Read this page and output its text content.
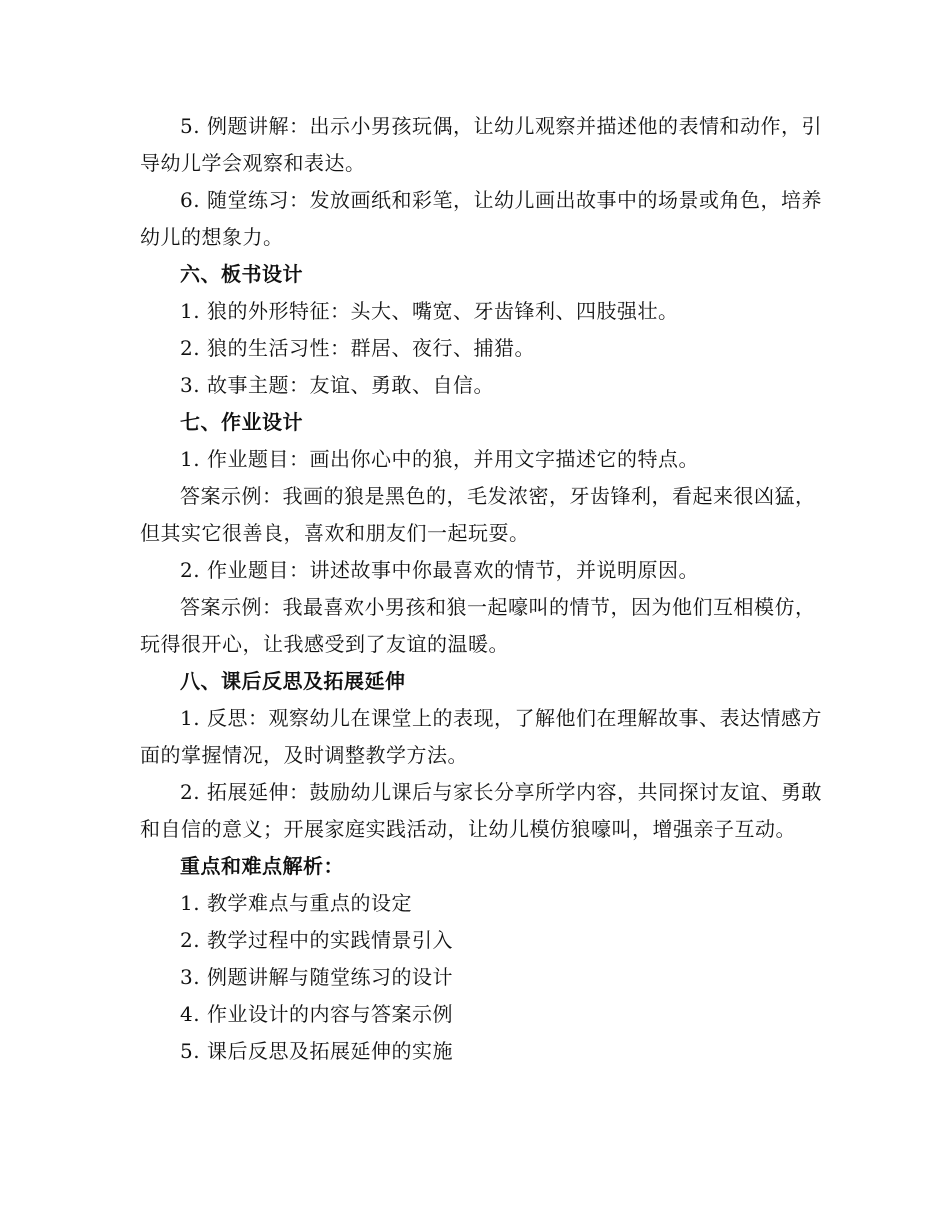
5. 例题讲解：出示小男孩玩偶，让幼儿观察并描述他的表情和动作，引导幼儿学会观察和表达。

6. 随堂练习：发放画纸和彩笔，让幼儿画出故事中的场景或角色，培养幼儿的想象力。

六、板书设计

1. 狼的外形特征：头大、嘴宽、牙齿锋利、四肢强壮。

2. 狼的生活习性：群居、夜行、捕猎。

3. 故事主题：友谊、勇敢、自信。

七、作业设计

1. 作业题目：画出你心中的狼，并用文字描述它的特点。

答案示例：我画的狼是黑色的，毛发浓密，牙齿锋利，看起来很凶猛，但其实它很善良，喜欢和朋友们一起玩耍。

2. 作业题目：讲述故事中你最喜欢的情节，并说明原因。

答案示例：我最喜欢小男孩和狼一起嚎叫的情节，因为他们互相模仿，玩得很开心，让我感受到了友谊的温暖。

八、课后反思及拓展延伸

1. 反思：观察幼儿在课堂上的表现，了解他们在理解故事、表达情感方面的掌握情况，及时调整教学方法。

2. 拓展延伸：鼓励幼儿课后与家长分享所学内容，共同探讨友谊、勇敢和自信的意义；开展家庭实践活动，让幼儿模仿狼嚎叫，增强亲子互动。

重点和难点解析：

1. 教学难点与重点的设定

2. 教学过程中的实践情景引入

3. 例题讲解与随堂练习的设计

4. 作业设计的内容与答案示例

5. 课后反思及拓展延伸的实施
